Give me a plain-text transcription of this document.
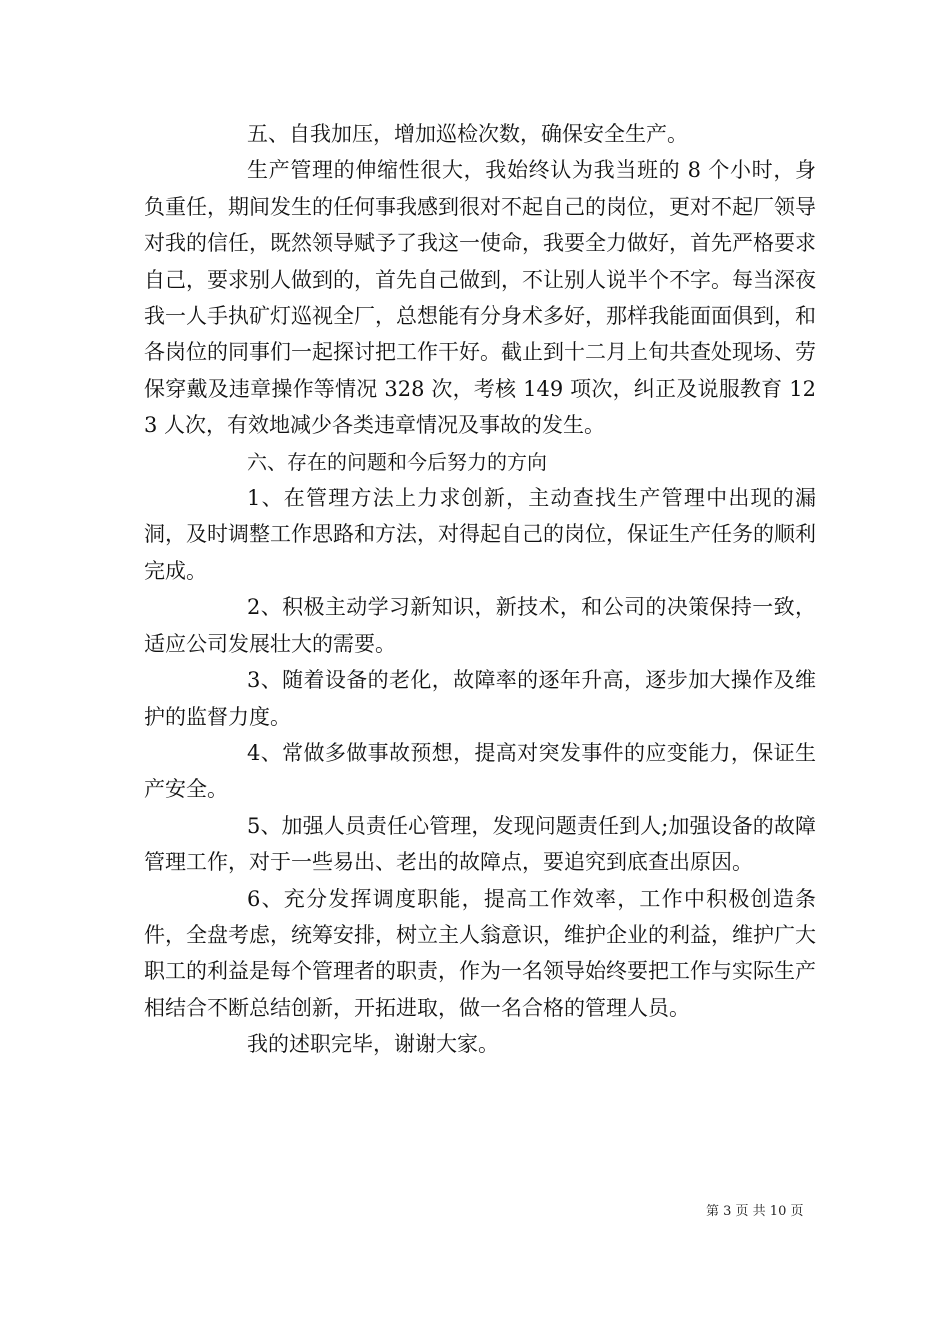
五、自我加压，增加巡检次数，确保安全生产。

生产管理的伸缩性很大，我始终认为我当班的 8 个小时，身负重任，期间发生的任何事我感到很对不起自己的岗位，更对不起厂领导对我的信任，既然领导赋予了我这一使命，我要全力做好，首先严格要求自己，要求别人做到的，首先自己做到，不让别人说半个不字。每当深夜我一人手执矿灯巡视全厂，总想能有分身术多好，那样我能面面俱到，和各岗位的同事们一起探讨把工作干好。截止到十二月上旬共查处现场、劳保穿戴及违章操作等情况 328 次，考核 149 项次，纠正及说服教育 123 人次，有效地减少各类违章情况及事故的发生。

六、存在的问题和今后努力的方向

1、在管理方法上力求创新，主动查找生产管理中出现的漏洞，及时调整工作思路和方法，对得起自己的岗位，保证生产任务的顺利完成。

2、积极主动学习新知识，新技术，和公司的决策保持一致，适应公司发展壮大的需要。

3、随着设备的老化，故障率的逐年升高，逐步加大操作及维护的监督力度。

4、常做多做事故预想，提高对突发事件的应变能力，保证生产安全。

5、加强人员责任心管理，发现问题责任到人;加强设备的故障管理工作，对于一些易出、老出的故障点，要追究到底查出原因。

6、充分发挥调度职能，提高工作效率，工作中积极创造条件，全盘考虑，统筹安排，树立主人翁意识，维护企业的利益，维护广大职工的利益是每个管理者的职责，作为一名领导始终要把工作与实际生产相结合不断总结创新，开拓进取，做一名合格的管理人员。

我的述职完毕，谢谢大家。

第 3 页 共 10 页
